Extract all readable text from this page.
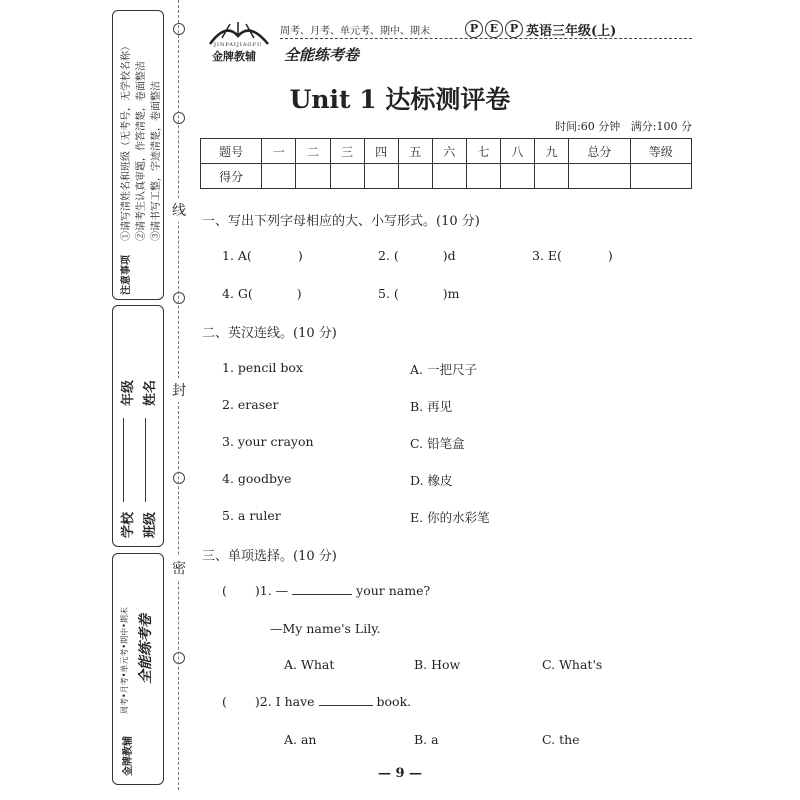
注意事项
①请写清姓名和班级（无考号，无学校名称） ②请考生认真审题，作答清楚，卷面整洁 ③请书写工整，字迹清楚，卷面整洁
学校
年级
班级
姓名
金牌教辅
周考•月考•单元考•期中•期末 全能练考卷
线
封
密
金牌教辅
JINPAIJIAOFU
周考、月考、单元考、期中、期末
全能练考卷
P	E	P 英语三年级(上)
Unit 1 达标测评卷
时间:60 分钟 满分:100 分
题号	一	二	三	四	五	六	七	八	九	总分	等级
得分											
一、写出下列字母相应的大、小写形式。(10 分)
1. A(	)	2. (	)d	3. E(	)
4. G(	)	5. (	)m
二、英汉连线。(10 分)
1. pencil box
2. eraser
3. your crayon
4. goodbye
5. a ruler
A. 一把尺子
B. 再见
C. 铅笔盒
D. 橡皮
E. 你的水彩笔
三、单项选择。(10 分)
( )1. —	your name?
—My name's Lily.
A. What	B. How	C. What's
( )2. I have	book.
A. an	B. a	C. the
— 9 —
